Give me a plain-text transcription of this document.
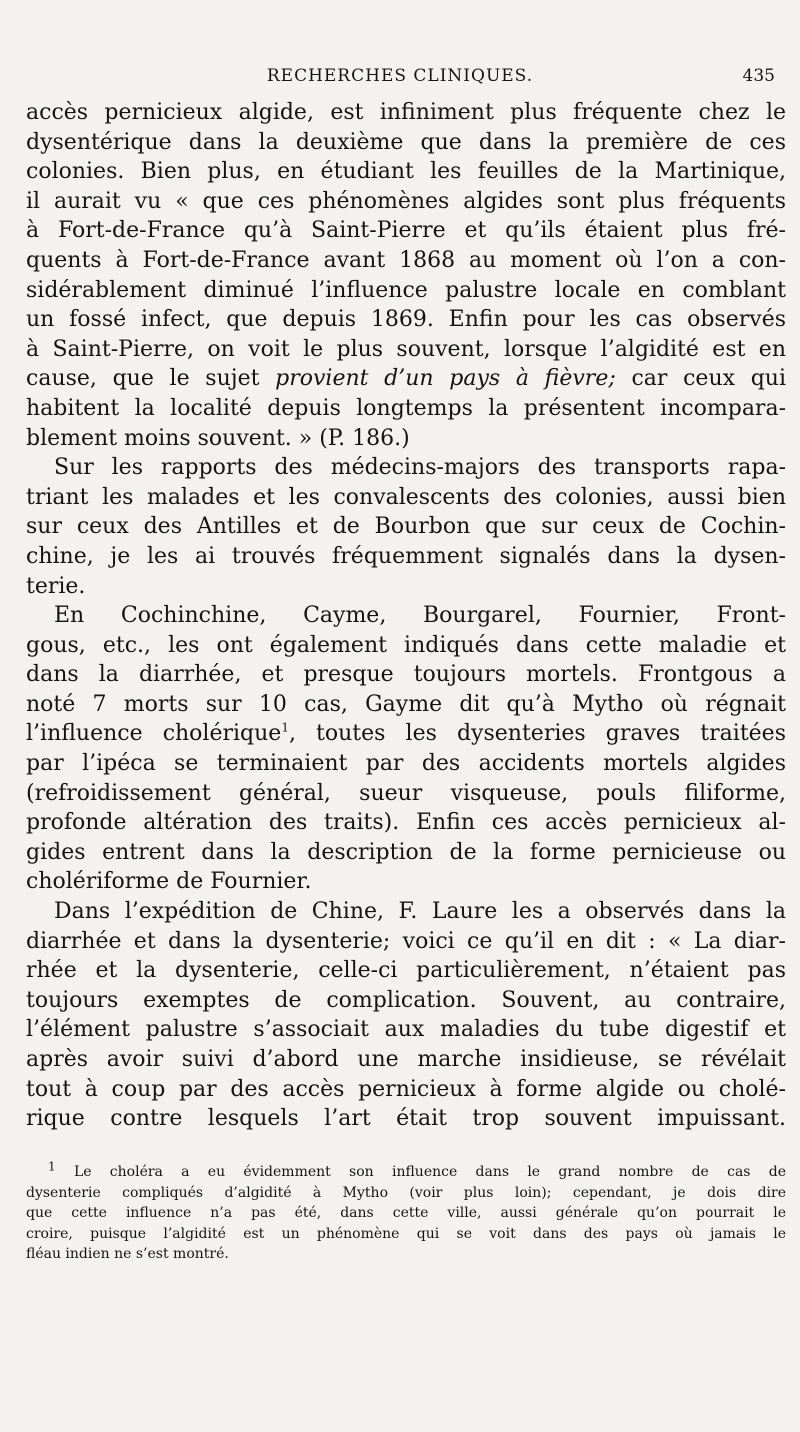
RECHERCHES CLINIQUES.	435
accès pernicieux algide, est infiniment plus fréquente chez le
dysentérique dans la deuxième que dans la première de ces
colonies. Bien plus, en étudiant les feuilles de la Martinique,
il aurait vu « que ces phénomènes algides sont plus fréquents
à Fort-de-France qu’à Saint-Pierre et qu’ils étaient plus fré-
quents à Fort-de-France avant 1868 au moment où l’on a con-
sidérablement diminué l’influence palustre locale en comblant
un fossé infect, que depuis 1869. Enfin pour les cas observés
à Saint-Pierre, on voit le plus souvent, lorsque l’algidité est en
cause, que le sujet provient d’un pays à fièvre; car ceux qui
habitent la localité depuis longtemps la présentent incompara-
blement moins souvent. » (P. 186.)
Sur les rapports des médecins-majors des transports rapa-
triant les malades et les convalescents des colonies, aussi bien
sur ceux des Antilles et de Bourbon que sur ceux de Cochin-
chine, je les ai trouvés fréquemment signalés dans la dysen-
terie.
En Cochinchine, Cayme, Bourgarel, Fournier, Front-
gous, etc., les ont également indiqués dans cette maladie et
dans la diarrhée, et presque toujours mortels. Frontgous a
noté 7 morts sur 10 cas, Gayme dit qu’à Mytho où régnait
l’influence cholérique$^1$, toutes les dysenteries graves traitées
par l’ipéca se terminaient par des accidents mortels algides
(refroidissement général, sueur visqueuse, pouls filiforme,
profonde altération des traits). Enfin ces accès pernicieux al-
gides entrent dans la description de la forme pernicieuse ou
cholériforme de Fournier.
Dans l’expédition de Chine, F. Laure les a observés dans la
diarrhée et dans la dysenterie; voici ce qu’il en dit : « La diar-
rhée et la dysenterie, celle-ci particulièrement, n’étaient pas
toujours exemptes de complication. Souvent, au contraire,
l’élément palustre s’associait aux maladies du tube digestif et
après avoir suivi d’abord une marche insidieuse, se révélait
tout à coup par des accès pernicieux à forme algide ou cholé-
rique contre lesquels l’art était trop souvent impuissant.
$^1$ Le choléra a eu évidemment son influence dans le grand nombre de cas de
dysenterie compliqués d’algidité à Mytho (voir plus loin); cependant, je dois dire
que cette influence n’a pas été, dans cette ville, aussi générale qu’on pourrait le
croire, puisque l’algidité est un phénomène qui se voit dans des pays où jamais le
fléau indien ne s’est montré.
